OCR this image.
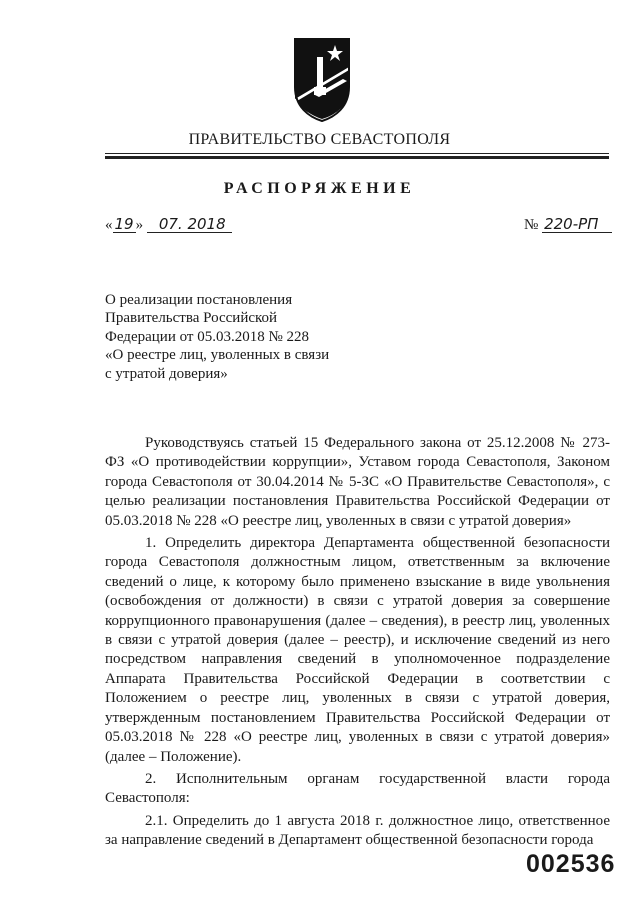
ПРАВИТЕЛЬСТВО СЕВАСТОПОЛЯ
РАСПОРЯЖЕНИЕ
« 19 » 07. 2018	№ 220-РП
О реализации постановления
Правительства Российской
Федерации от 05.03.2018 № 228
«О реестре лиц, уволенных в связи
с утратой доверия»

Руководствуясь статьей 15 Федерального закона от 25.12.2008 № 273-ФЗ «О противодействии коррупции», Уставом города Севастополя, Законом города Севастополя от 30.04.2014 № 5-ЗС «О Правительстве Севастополя», с целью реализации постановления Правительства Российской Федерации от 05.03.2018 № 228 «О реестре лиц, уволенных в связи с утратой доверия»

1. Определить директора Департамента общественной безопасности города Севастополя должностным лицом, ответственным за включение сведений о лице, к которому было применено взыскание в виде увольнения (освобождения от должности) в связи с утратой доверия за совершение коррупционного правонарушения (далее – сведения), в реестр лиц, уволенных в связи с утратой доверия (далее – реестр), и исключение сведений из него посредством направления сведений в уполномоченное подразделение Аппарата Правительства Российской Федерации в соответствии с Положением о реестре лиц, уволенных в связи с утратой доверия, утвержденным постановлением Правительства Российской Федерации от 05.03.2018 № 228 «О реестре лиц, уволенных в связи с утратой доверия» (далее – Положение).

2. Исполнительным органам государственной власти города Севастополя:

2.1. Определить до 1 августа 2018 г. должностное лицо, ответственное за направление сведений в Департамент общественной безопасности города

002536
